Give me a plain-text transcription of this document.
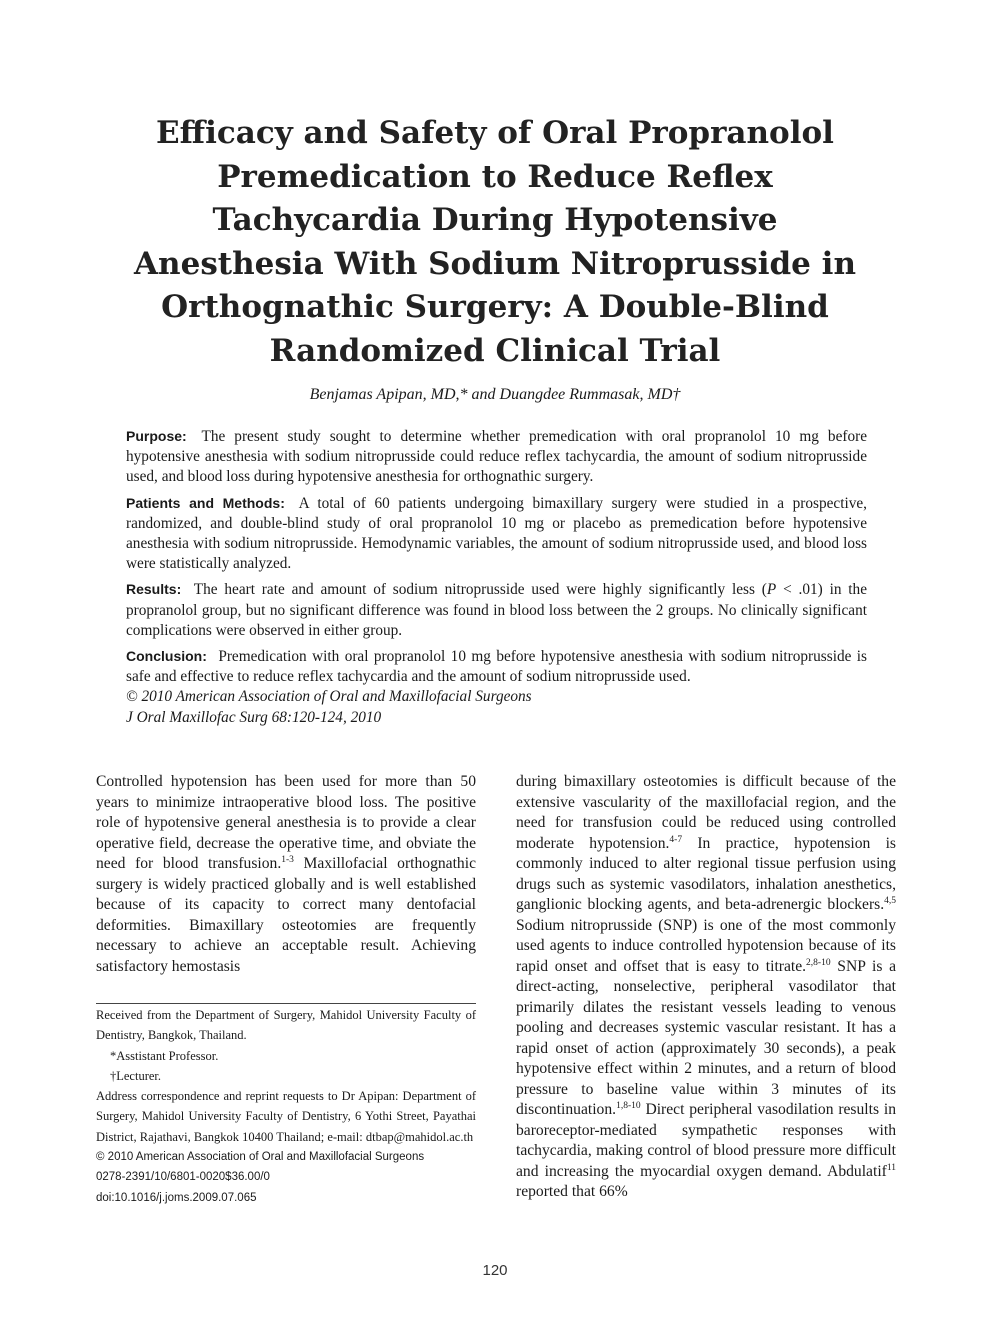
Efficacy and Safety of Oral Propranolol
Premedication to Reduce Reflex
Tachycardia During Hypotensive
Anesthesia With Sodium Nitroprusside in
Orthognathic Surgery: A Double-Blind
Randomized Clinical Trial
Benjamas Apipan, MD,* and Duangdee Rummasak, MD†

Purpose: The present study sought to determine whether premedication with oral propranolol 10 mg before hypotensive anesthesia with sodium nitroprusside could reduce reflex tachycardia, the amount of sodium nitroprusside used, and blood loss during hypotensive anesthesia for orthognathic surgery.

Patients and Methods: A total of 60 patients undergoing bimaxillary surgery were studied in a prospective, randomized, and double-blind study of oral propranolol 10 mg or placebo as premedication before hypotensive anesthesia with sodium nitroprusside. Hemodynamic variables, the amount of sodium nitroprusside used, and blood loss were statistically analyzed.

Results: The heart rate and amount of sodium nitroprusside used were highly significantly less (P < .01) in the propranolol group, but no significant difference was found in blood loss between the 2 groups. No clinically significant complications were observed in either group.

Conclusion: Premedication with oral propranolol 10 mg before hypotensive anesthesia with sodium nitroprusside is safe and effective to reduce reflex tachycardia and the amount of sodium nitroprusside used.

© 2010 American Association of Oral and Maxillofacial Surgeons

J Oral Maxillofac Surg 68:120-124, 2010

Controlled hypotension has been used for more than 50 years to minimize intraoperative blood loss. The positive role of hypotensive general anesthesia is to provide a clear operative field, decrease the operative time, and obviate the need for blood transfusion.$^{1-3}$ Maxillofacial orthognathic surgery is widely practiced globally and is well established because of its capacity to correct many dentofacial deformities. Bimaxillary osteotomies are frequently necessary to achieve an acceptable result. Achieving satisfactory hemostasis

Received from the Department of Surgery, Mahidol University Faculty of Dentistry, Bangkok, Thailand.

*Asstistant Professor.

†Lecturer.

Address correspondence and reprint requests to Dr Apipan: Department of Surgery, Mahidol University Faculty of Dentistry, 6 Yothi Street, Payathai District, Rajathavi, Bangkok 10400 Thailand; e-mail: dtbap@mahidol.ac.th

© 2010 American Association of Oral and Maxillofacial Surgeons

0278-2391/10/6801-0020$36.00/0

doi:10.1016/j.joms.2009.07.065

during bimaxillary osteotomies is difficult because of the extensive vascularity of the maxillofacial region, and the need for transfusion could be reduced using controlled moderate hypotension.$^{4-7}$ In practice, hypotension is commonly induced to alter regional tissue perfusion using drugs such as systemic vasodilators, inhalation anesthetics, ganglionic blocking agents, and beta-adrenergic blockers.$^{4,5}$ Sodium nitroprusside (SNP) is one of the most commonly used agents to induce controlled hypotension because of its rapid onset and offset that is easy to titrate.$^{2,8-10}$ SNP is a direct-acting, nonselective, peripheral vasodilator that primarily dilates the resistant vessels leading to venous pooling and decreases systemic vascular resistant. It has a rapid onset of action (approximately 30 seconds), a peak hypotensive effect within 2 minutes, and a return of blood pressure to baseline value within 3 minutes of its discontinuation.$^{1,8-10}$ Direct peripheral vasodilation results in baroreceptor-mediated sympathetic responses with tachycardia, making control of blood pressure more difficult and increasing the myocardial oxygen demand. Abdulatif$^{11}$ reported that 66%
120
